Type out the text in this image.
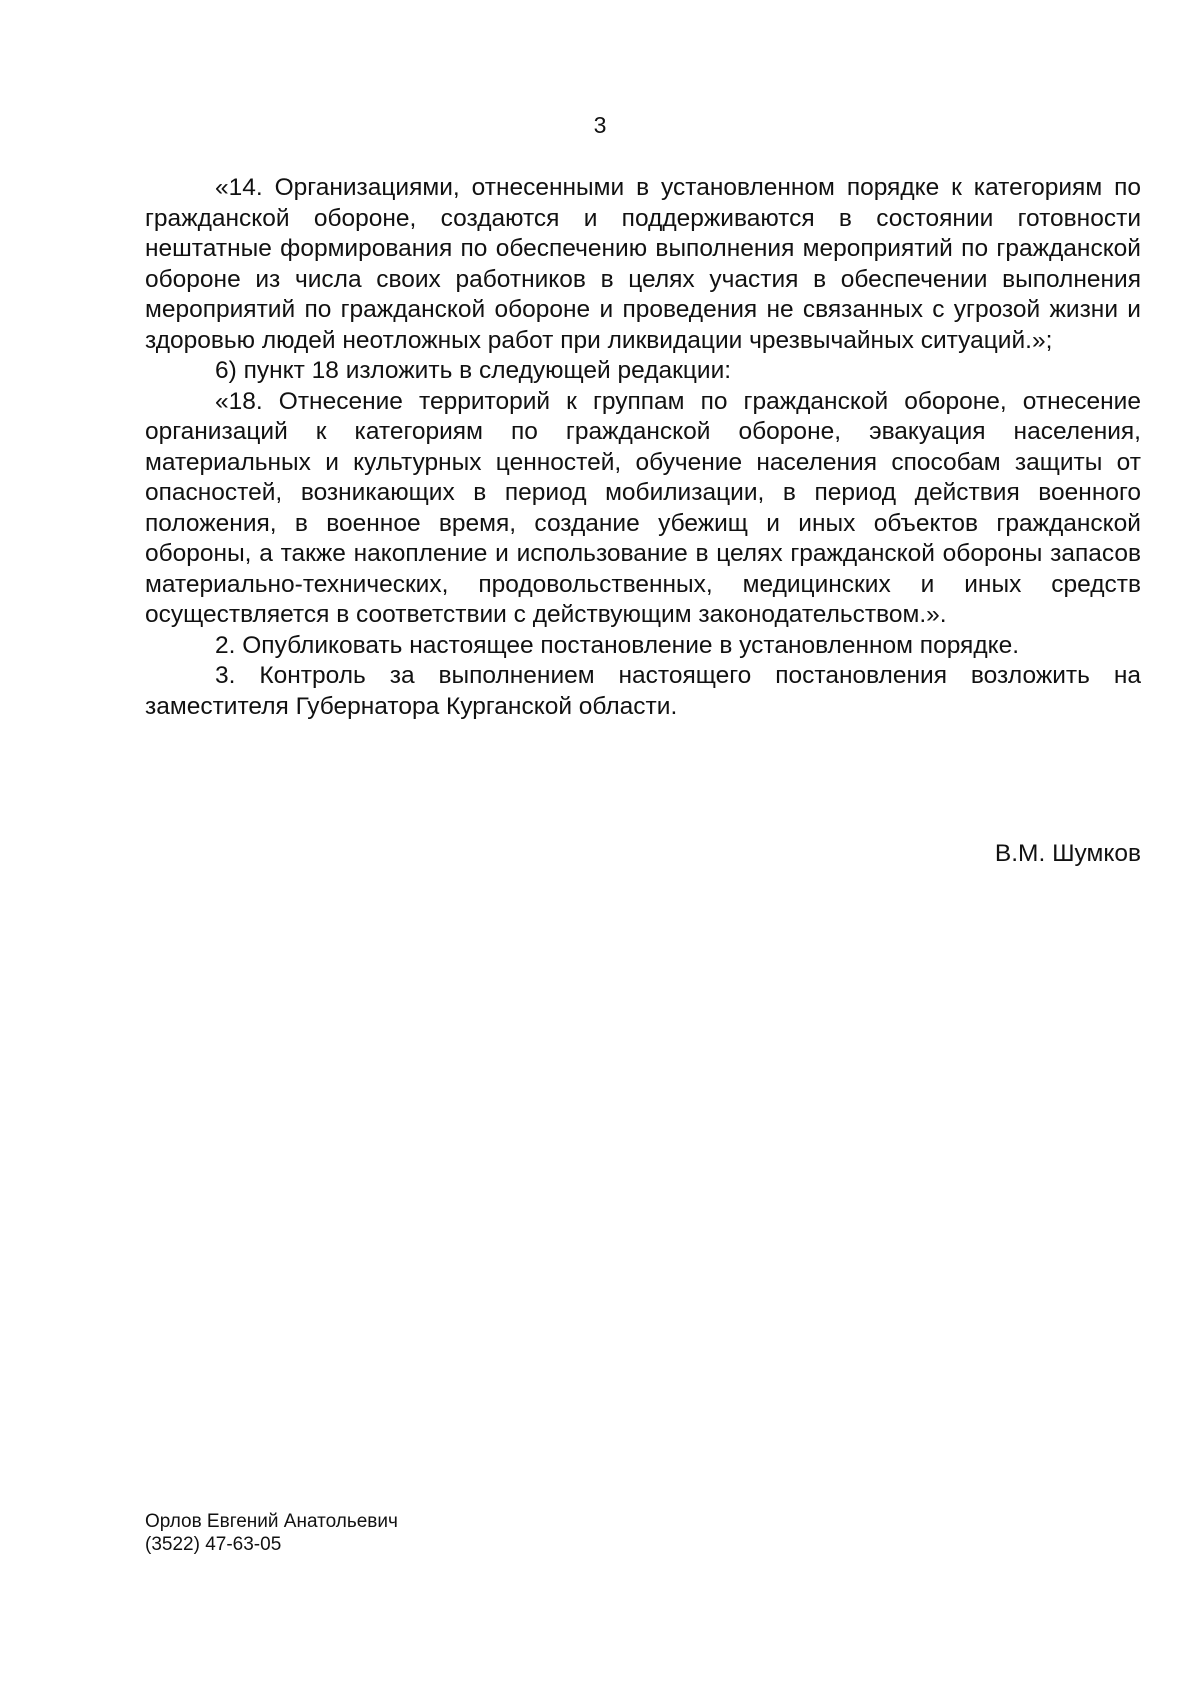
3

«14. Организациями, отнесенными в установленном порядке к категориям по гражданской обороне, создаются и поддерживаются в состоянии готовности нештатные формирования по обеспечению выполнения мероприятий по гражданской обороне из числа своих работников в целях участия в обеспечении выполнения мероприятий по гражданской обороне и проведения не связанных с угрозой жизни и здоровью людей неотложных работ при ликвидации чрезвычайных ситуаций.»;

6) пункт 18 изложить в следующей редакции:

«18. Отнесение территорий к группам по гражданской обороне, отнесение организаций к категориям по гражданской обороне, эвакуация населения, материальных и культурных ценностей, обучение населения способам защиты от опасностей, возникающих в период мобилизации, в период действия военного положения, в военное время, создание убежищ и иных объектов гражданской обороны, а также накопление и использование в целях гражданской обороны запасов материально-технических, продовольственных, медицинских и иных средств осуществляется в соответствии с действующим законодательством.».

2. Опубликовать настоящее постановление в установленном порядке.

3. Контроль за выполнением настоящего постановления возложить на заместителя Губернатора Курганской области.

В.М. Шумков
Орлов Евгений Анатольевич
(3522) 47-63-05
